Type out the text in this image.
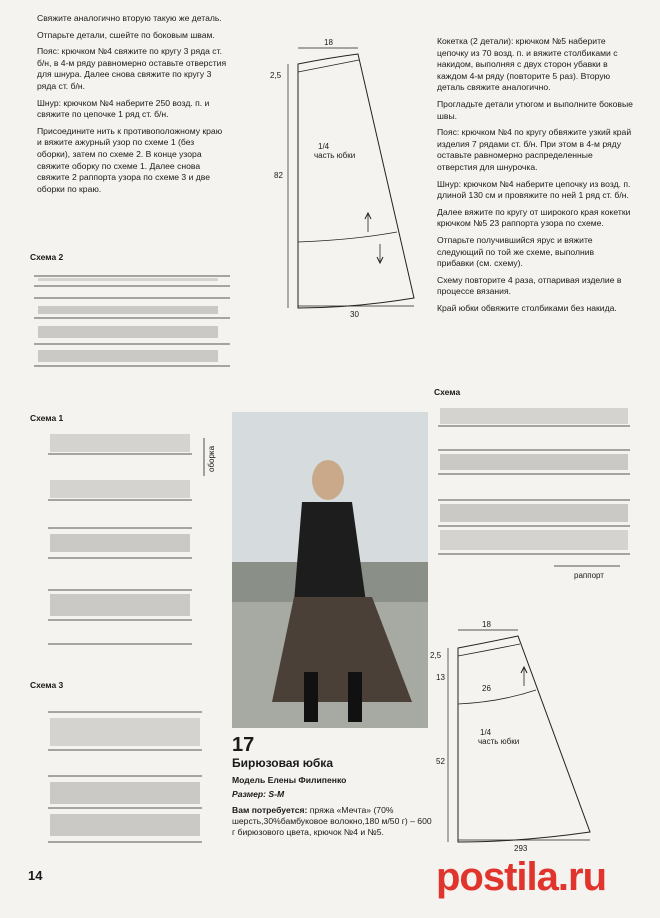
Свяжите аналогично вторую такую же деталь.

Отпарьте детали, сшейте по боковым швам.

Пояс: крючком №4 свяжите по кругу 3 ряда ст. б/н, в 4-м ряду равномерно оставьте отверстия для шнура. Далее снова свяжите по кругу 3 ряда ст. б/н.

Шнур: крючком №4 наберите 250 возд. п. и свяжите по цепочке 1 ряд ст. б/н.

Присоедините нить к противоположному краю и вяжите ажурный узор по схеме 1 (без оборки), затем по схеме 2. В конце узора свяжите оборку по схеме 1. Далее снова свяжите 2 раппорта узора по схеме 3 и две оборки по краю.

Кокетка (2 детали): крючком №5 наберите цепочку из 70 возд. п. и вяжите столбиками с накидом, выполняя с двух сторон убавки в каждом 4-м ряду (повторите 5 раз). Вторую деталь свяжите аналогично.

Прогладьте детали утюгом и выполните боковые швы.

Пояс: крючком №4 по кругу обвяжите узкий край изделия 7 рядами ст. б/н. При этом в 4-м ряду оставьте равномерно распределенные отверстия для шнурочка.

Шнур: крючком №4 наберите цепочку из возд. п. длиной 130 см и провяжите по ней 1 ряд ст. б/н.

Далее вяжите по кругу от широкого края кокетки крючком №5 23 раппорта узора по схеме.

Отпарьте получившийся ярус и вяжите следующий по той же схеме, выполнив прибавки (см. схему).

Схему повторите 4 раза, отпаривая изделие в процессе вязания.

Край юбки обвяжите столбиками без накида.

18
2,5
82
1/4
часть юбки
30
Схема 2
Схема 1
оборка
Схема 3
17
Бирюзовая юбка
Модель Елены Филипенко
Размер: S-M
Вам потребуется: пряжа «Мечта» (70% шерсть,30%бамбуковое волокно,180 м/50 г) – 600 г бирюзового цвета, крючок №4 и №5.
Схема
раппорт
18
2,5
13
26
52
1/4
часть юбки
293
14	postila.ru
